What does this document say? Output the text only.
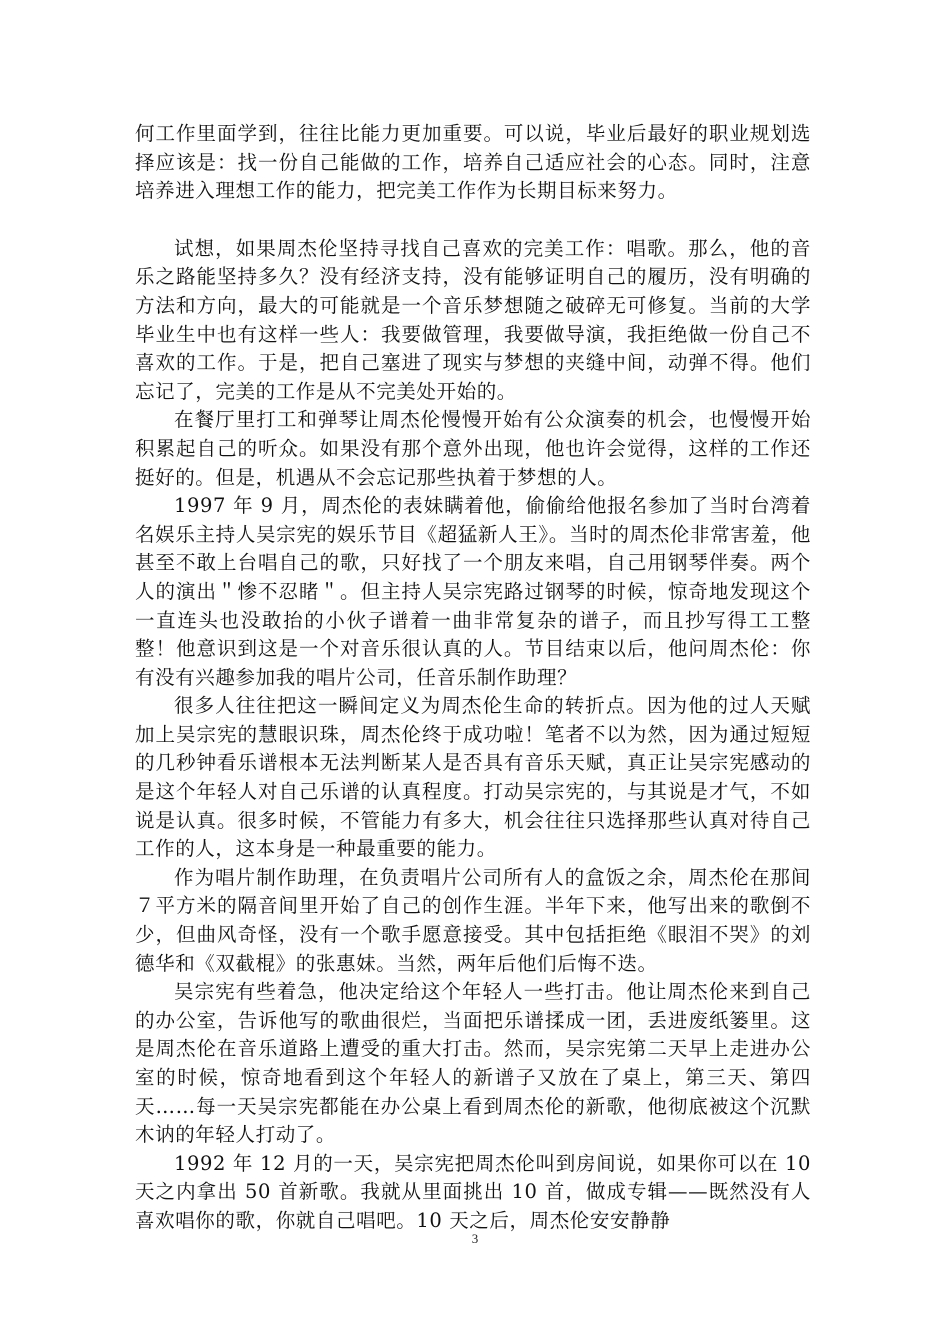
何工作里面学到，往往比能力更加重要。可以说，毕业后最好的职业规划选择应该是：找一份自己能做的工作，培养自己适应社会的心态。同时，注意培养进入理想工作的能力，把完美工作作为长期目标来努力。

试想，如果周杰伦坚持寻找自己喜欢的完美工作：唱歌。那么，他的音乐之路能坚持多久？没有经济支持，没有能够证明自己的履历，没有明确的方法和方向，最大的可能就是一个音乐梦想随之破碎无可修复。当前的大学毕业生中也有这样一些人：我要做管理，我要做导演，我拒绝做一份自己不喜欢的工作。于是，把自己塞进了现实与梦想的夹缝中间，动弹不得。他们忘记了，完美的工作是从不完美处开始的。

在餐厅里打工和弹琴让周杰伦慢慢开始有公众演奏的机会，也慢慢开始积累起自己的听众。如果没有那个意外出现，他也许会觉得，这样的工作还挺好的。但是，机遇从不会忘记那些执着于梦想的人。

1997 年 9 月，周杰伦的表妹瞒着他，偷偷给他报名参加了当时台湾着名娱乐主持人吴宗宪的娱乐节目《超猛新人王》。当时的周杰伦非常害羞，他甚至不敢上台唱自己的歌，只好找了一个朋友来唱，自己用钢琴伴奏。两个人的演出＂惨不忍睹＂。但主持人吴宗宪路过钢琴的时候，惊奇地发现这个一直连头也没敢抬的小伙子谱着一曲非常复杂的谱子，而且抄写得工工整整！他意识到这是一个对音乐很认真的人。节目结束以后，他问周杰伦：你有没有兴趣参加我的唱片公司，任音乐制作助理？

很多人往往把这一瞬间定义为周杰伦生命的转折点。因为他的过人天赋加上吴宗宪的慧眼识珠，周杰伦终于成功啦！笔者不以为然，因为通过短短的几秒钟看乐谱根本无法判断某人是否具有音乐天赋，真正让吴宗宪感动的是这个年轻人对自己乐谱的认真程度。打动吴宗宪的，与其说是才气，不如说是认真。很多时候，不管能力有多大，机会往往只选择那些认真对待自己工作的人，这本身是一种最重要的能力。

作为唱片制作助理，在负责唱片公司所有人的盒饭之余，周杰伦在那间７平方米的隔音间里开始了自己的创作生涯。半年下来，他写出来的歌倒不少，但曲风奇怪，没有一个歌手愿意接受。其中包括拒绝《眼泪不哭》的刘德华和《双截棍》的张惠妹。当然，两年后他们后悔不迭。

吴宗宪有些着急，他决定给这个年轻人一些打击。他让周杰伦来到自己的办公室，告诉他写的歌曲很烂，当面把乐谱揉成一团，丢进废纸篓里。这是周杰伦在音乐道路上遭受的重大打击。然而，吴宗宪第二天早上走进办公室的时候，惊奇地看到这个年轻人的新谱子又放在了桌上，第三天、第四天……每一天吴宗宪都能在办公桌上看到周杰伦的新歌，他彻底被这个沉默木讷的年轻人打动了。

1992 年 12 月的一天，吴宗宪把周杰伦叫到房间说，如果你可以在 10 天之内拿出 50 首新歌。我就从里面挑出 10 首，做成专辑——既然没有人喜欢唱你的歌，你就自己唱吧。10 天之后，周杰伦安安静静

3
